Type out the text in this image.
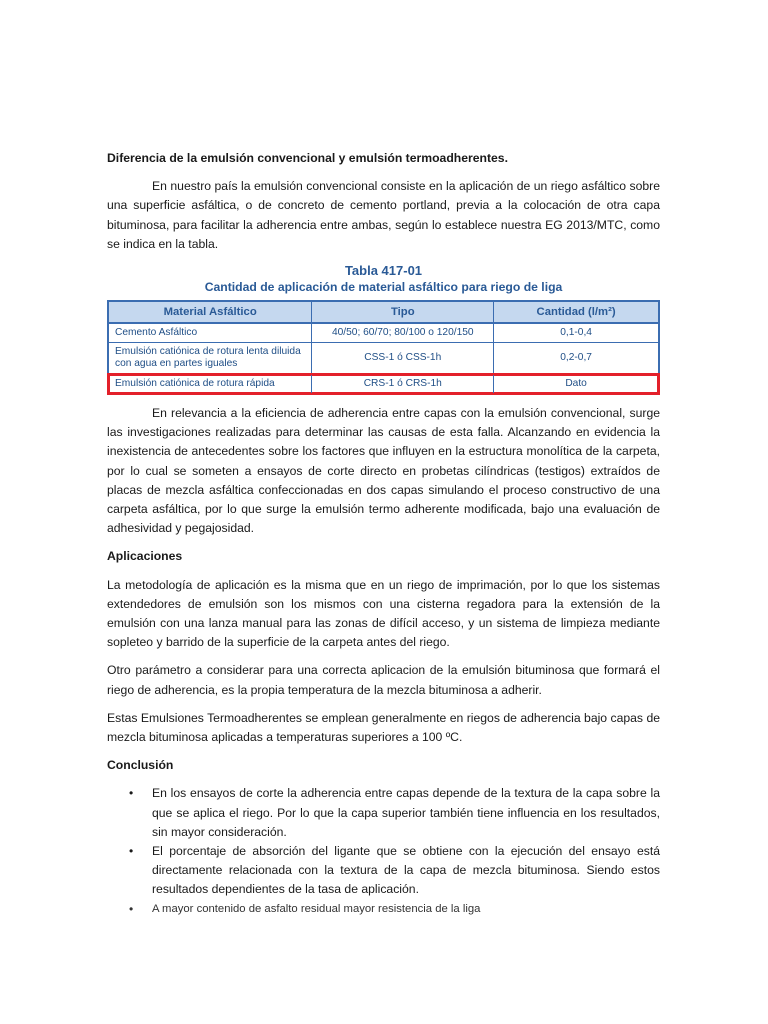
Diferencia de la emulsión convencional y emulsión termoadherentes.

En nuestro país la emulsión convencional consiste en la aplicación de un riego asfáltico sobre una superficie asfáltica, o de concreto de cemento portland, previa a la colocación de otra capa bituminosa, para facilitar la adherencia entre ambas, según lo establece nuestra EG 2013/MTC, como se indica en la tabla.

Tabla 417-01
Cantidad de aplicación de material asfáltico para riego de liga
Material Asfáltico	Tipo	Cantidad (l/m²)
Cemento Asfáltico	40/50; 60/70; 80/100 o 120/150	0,1-0,4
Emulsión catiónica de rotura lenta diluida con agua en partes iguales	CSS-1 ó CSS-1h	0,2-0,7
Emulsión catiónica de rotura rápida	CRS-1 ó CRS-1h	Dato

En relevancia a la eficiencia de adherencia entre capas con la emulsión convencional, surge las investigaciones realizadas para determinar las causas de esta falla. Alcanzando en evidencia la inexistencia de antecedentes sobre los factores que influyen en la estructura monolítica de la carpeta, por lo cual se someten a ensayos de corte directo en probetas cilíndricas (testigos) extraídos de placas de mezcla asfáltica confeccionadas en dos capas simulando el proceso constructivo de una carpeta asfáltica, por lo que surge la emulsión termo adherente modificada, bajo una evaluación de adhesividad y pegajosidad.

Aplicaciones

La metodología de aplicación es la misma que en un riego de imprimación, por lo que los sistemas extendedores de emulsión son los mismos con una cisterna regadora para la extensión de la emulsión con una lanza manual para las zonas de difícil acceso, y un sistema de limpieza mediante sopleteo y barrido de la superficie de la carpeta antes del riego.

Otro parámetro a considerar para una correcta aplicacion de la emulsión bituminosa que formará el riego de adherencia, es la propia temperatura de la mezcla bituminosa a adherir.

Estas Emulsiones Termoadherentes se emplean generalmente en riegos de adherencia bajo capas de mezcla bituminosa aplicadas a temperaturas superiores a 100 ºC.

Conclusión
• En los ensayos de corte la adherencia entre capas depende de la textura de la capa sobre la que se aplica el riego. Por lo que la capa superior también tiene influencia en los resultados, sin mayor consideración.
• El porcentaje de absorción del ligante que se obtiene con la ejecución del ensayo está directamente relacionada con la textura de la capa de mezcla bituminosa. Siendo estos resultados dependientes de la tasa de aplicación.
• A mayor contenido de asfalto residual mayor resistencia de la liga
